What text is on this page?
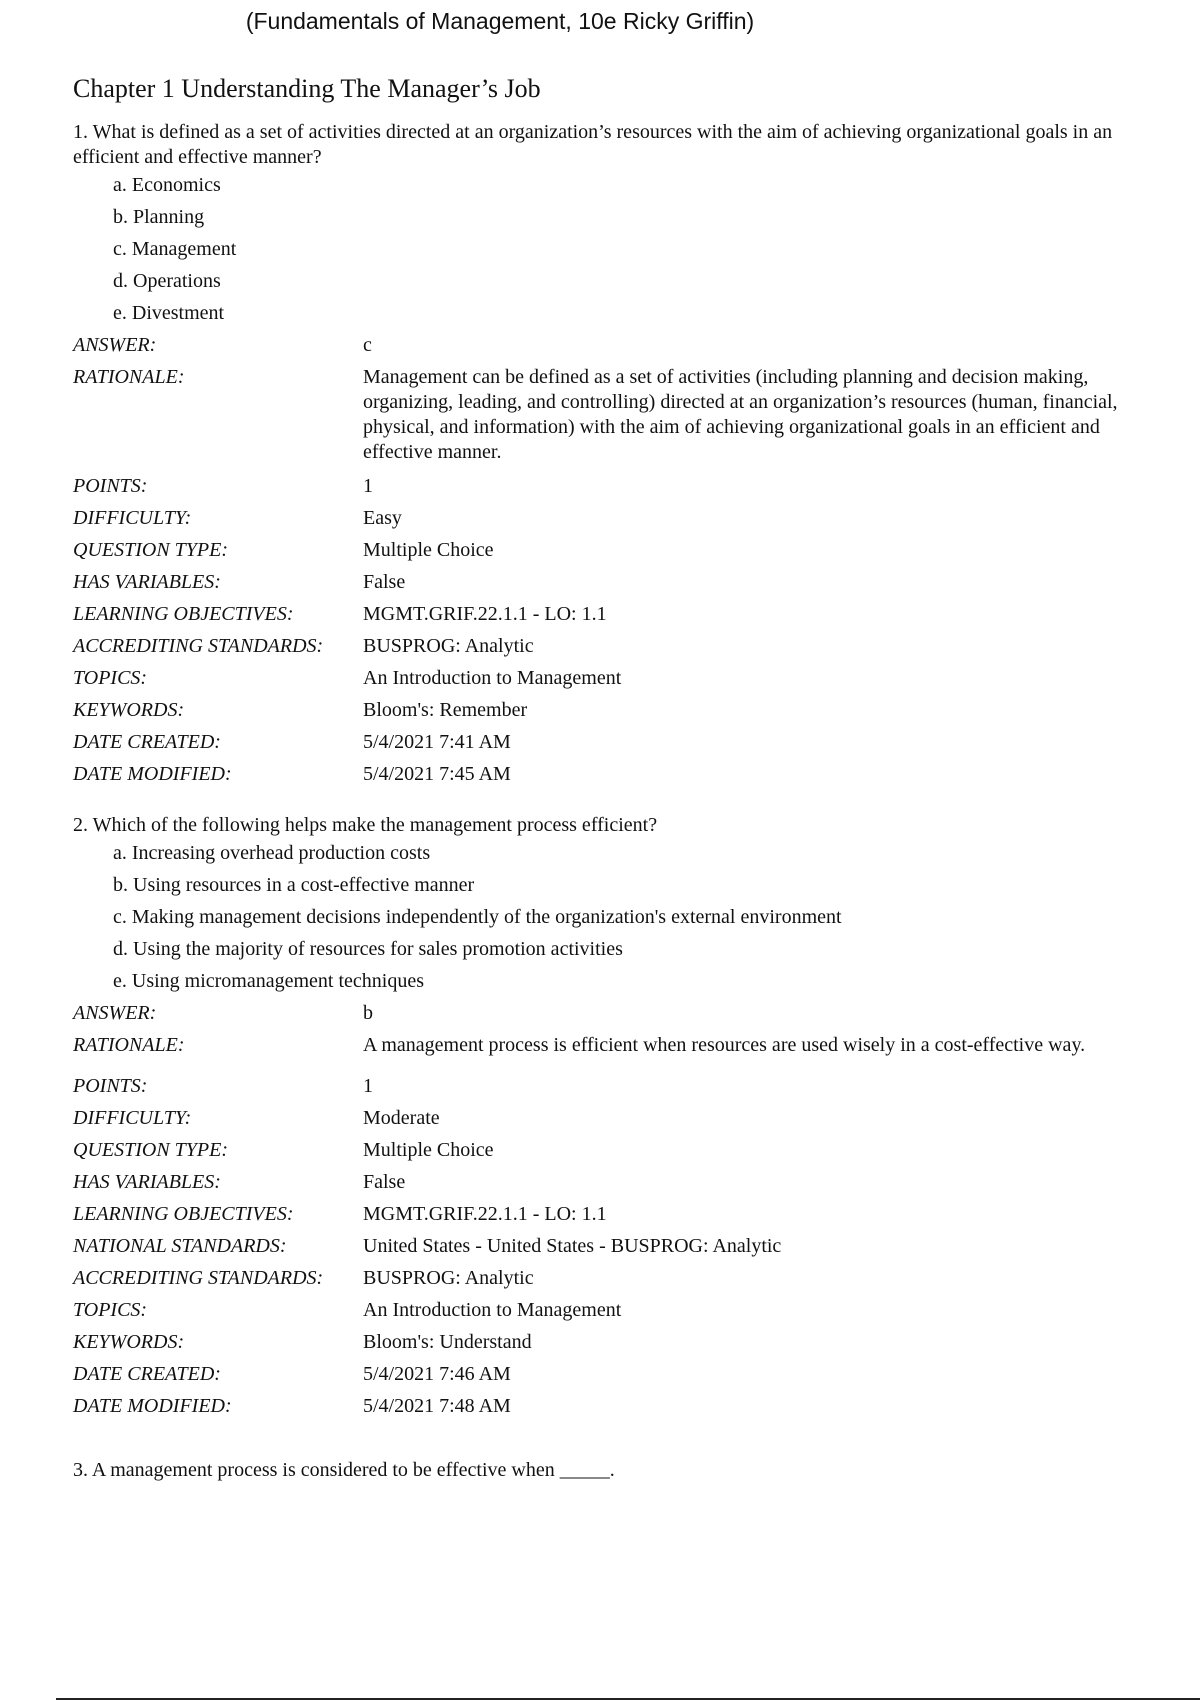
(Fundamentals of Management, 10e Ricky Griffin)
Chapter 1 Understanding The Manager’s Job

1. What is defined as a set of activities directed at an organization’s resources with the aim of achieving organizational goals in an efficient and effective manner?

a. Economics
b. Planning
c. Management
d. Operations
e. Divestment
ANSWER:	c
RATIONALE:	Management can be defined as a set of activities (including planning and decision making, organizing, leading, and controlling) directed at an organization’s resources (human, financial, physical, and information) with the aim of achieving organizational goals in an efficient and effective manner.
POINTS:	1
DIFFICULTY:	Easy
QUESTION TYPE:	Multiple Choice
HAS VARIABLES:	False
LEARNING OBJECTIVES:	MGMT.GRIF.22.1.1 - LO: 1.1
ACCREDITING STANDARDS:	BUSPROG: Analytic
TOPICS:	An Introduction to Management
KEYWORDS:	Bloom's: Remember
DATE CREATED:	5/4/2021 7:41 AM
DATE MODIFIED:	5/4/2021 7:45 AM

2. Which of the following helps make the management process efficient?

a. Increasing overhead production costs
b. Using resources in a cost-effective manner
c. Making management decisions independently of the organization's external environment
d. Using the majority of resources for sales promotion activities
e. Using micromanagement techniques
ANSWER:	b
RATIONALE:	A management process is efficient when resources are used wisely in a cost-effective way.
POINTS:	1
DIFFICULTY:	Moderate
QUESTION TYPE:	Multiple Choice
HAS VARIABLES:	False
LEARNING OBJECTIVES:	MGMT.GRIF.22.1.1 - LO: 1.1
NATIONAL STANDARDS:	United States - United States - BUSPROG: Analytic
ACCREDITING STANDARDS:	BUSPROG: Analytic
TOPICS:	An Introduction to Management
KEYWORDS:	Bloom's: Understand
DATE CREATED:	5/4/2021 7:46 AM
DATE MODIFIED:	5/4/2021 7:48 AM

3. A management process is considered to be effective when _____.
